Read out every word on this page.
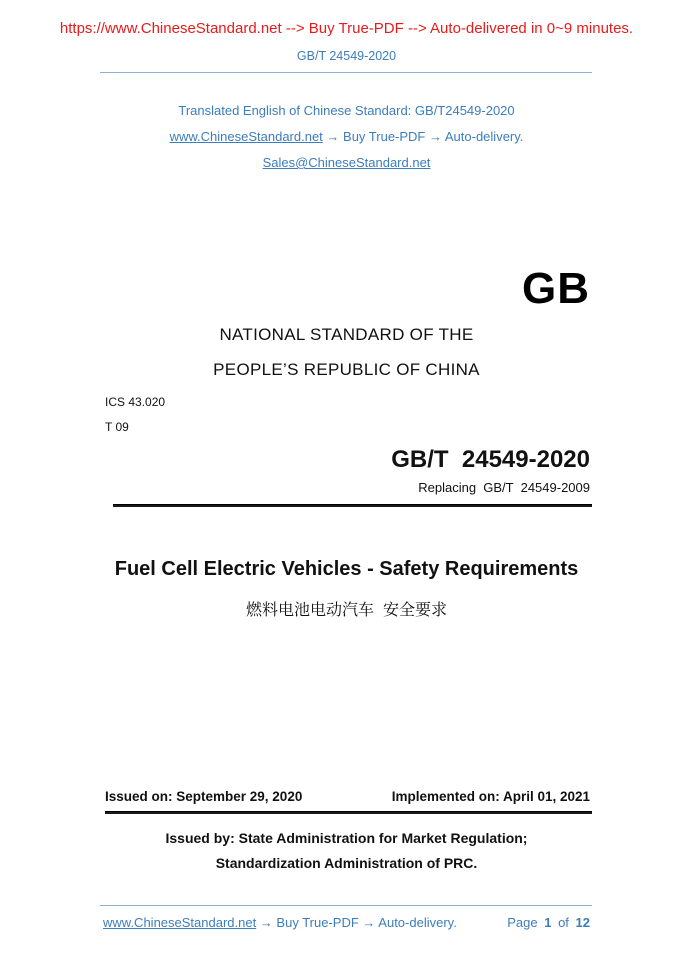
https://www.ChineseStandard.net --> Buy True-PDF --> Auto-delivered in 0~9 minutes.
GB/T 24549-2020
Translated English of Chinese Standard: GB/T24549-2020
www.ChineseStandard.net → Buy True-PDF → Auto-delivery.
Sales@ChineseStandard.net
GB
NATIONAL STANDARD OF THE
PEOPLE’S REPUBLIC OF CHINA
ICS 43.020
T 09
GB/T  24549-2020
Replacing  GB/T  24549-2009
Fuel Cell Electric Vehicles - Safety Requirements
燃料电池电动汽车  安全要求
Issued on: September 29, 2020	Implemented on: April 01, 2021
Issued by: State Administration for Market Regulation;
Standardization Administration of PRC.
www.ChineseStandard.net → Buy True-PDF → Auto-delivery.	Page 1 of 12
